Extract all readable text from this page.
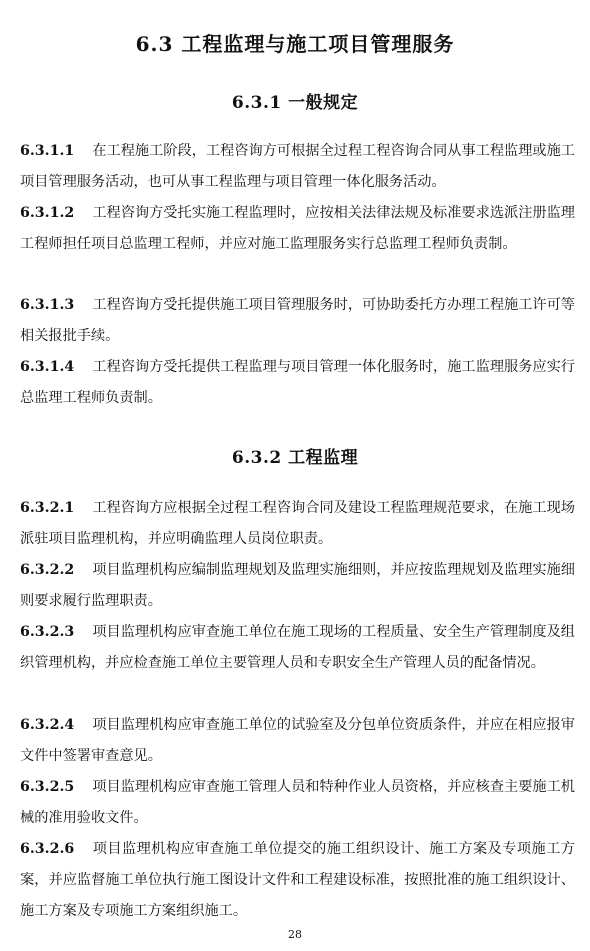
6.3 工程监理与施工项目管理服务
6.3.1 一般规定
6.3.1.1 在工程施工阶段，工程咨询方可根据全过程工程咨询合同从事工程监理或施工项目管理服务活动，也可从事工程监理与项目管理一体化服务活动。
6.3.1.2 工程咨询方受托实施工程监理时，应按相关法律法规及标准要求选派注册监理工程师担任项目总监理工程师，并应对施工监理服务实行总监理工程师负责制。
6.3.1.3 工程咨询方受托提供施工项目管理服务时，可协助委托方办理工程施工许可等相关报批手续。
6.3.1.4 工程咨询方受托提供工程监理与项目管理一体化服务时，施工监理服务应实行总监理工程师负责制。
6.3.2 工程监理
6.3.2.1 工程咨询方应根据全过程工程咨询合同及建设工程监理规范要求，在施工现场派驻项目监理机构，并应明确监理人员岗位职责。
6.3.2.2 项目监理机构应编制监理规划及监理实施细则，并应按监理规划及监理实施细则要求履行监理职责。
6.3.2.3 项目监理机构应审查施工单位在施工现场的工程质量、安全生产管理制度及组织管理机构，并应检查施工单位主要管理人员和专职安全生产管理人员的配备情况。
6.3.2.4 项目监理机构应审查施工单位的试验室及分包单位资质条件，并应在相应报审文件中签署审查意见。
6.3.2.5 项目监理机构应审查施工管理人员和特种作业人员资格，并应核查主要施工机械的准用验收文件。
6.3.2.6 项目监理机构应审查施工单位提交的施工组织设计、施工方案及专项施工方案，并应监督施工单位执行施工图设计文件和工程建设标准，按照批准的施工组织设计、施工方案及专项施工方案组织施工。
28
